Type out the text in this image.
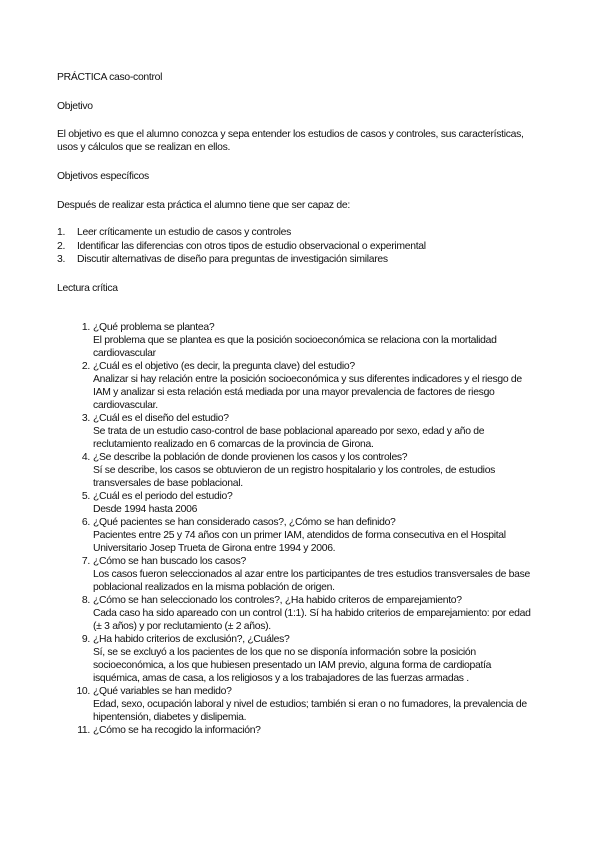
PRÁCTICA caso-control
Objetivo
El objetivo es que el alumno conozca y sepa entender los estudios de casos y controles, sus características, usos y cálculos que se realizan en ellos.
Objetivos específicos
Después de realizar esta práctica el alumno tiene que ser capaz de:
1. Leer críticamente un estudio de casos y controles
2. Identificar las diferencias con otros tipos de estudio observacional o experimental
3. Discutir alternativas de diseño para preguntas de investigación similares
Lectura crítica
1. ¿Qué problema se plantea?
El problema que se plantea es que la posición socioeconómica se relaciona con la mortalidad cardiovascular
2. ¿Cuál es el objetivo (es decir, la pregunta clave) del estudio?
Analizar si hay relación entre la posición socioeconómica y sus diferentes indicadores y el riesgo de IAM y analizar si esta relación está mediada por una mayor prevalencia de factores de riesgo cardiovascular.
3. ¿Cuál es el diseño del estudio?
Se trata de un estudio caso-control de base poblacional apareado por sexo, edad y año de reclutamiento realizado en 6 comarcas de la provincia de Girona.
4. ¿Se describe la población de donde provienen los casos y los controles?
Sí se describe, los casos se obtuvieron de un registro hospitalario y los controles, de estudios transversales de base poblacional.
5. ¿Cuál es el periodo del estudio?
Desde 1994 hasta 2006
6. ¿Qué pacientes se han considerado casos?, ¿Cómo se han definido?
Pacientes entre 25 y 74 años con un primer IAM, atendidos de forma consecutiva en el Hospital Universitario Josep Trueta de Girona entre 1994 y 2006.
7. ¿Cómo se han buscado los casos?
Los casos fueron seleccionados al azar entre los participantes de tres estudios transversales de base poblacional realizados en la misma población de origen.
8. ¿Cómo se han seleccionado los controles?, ¿Ha habido criteros de emparejamiento?
Cada caso ha sido apareado con un control (1:1). Sí ha habido criterios de emparejamiento: por edad (± 3 años) y por reclutamiento (± 2 años).
9. ¿Ha habido criterios de exclusión?, ¿Cuáles?
Sí, se se excluyó a los pacientes de los que no se disponía información sobre la posición socioeconómica, a los que hubiesen presentado un IAM previo, alguna forma de cardiopatía isquémica, amas de casa, a los religiosos y a los trabajadores de las fuerzas armadas .
10. ¿Qué variables se han medido?
Edad, sexo, ocupación laboral y nivel de estudios; también si eran o no fumadores, la prevalencia de hipentensión, diabetes y dislipemia.
11. ¿Cómo se ha recogido la información?
